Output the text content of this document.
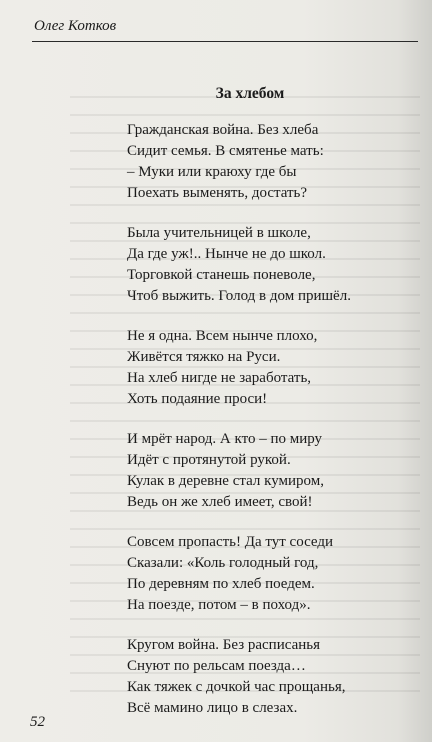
Олег Котков
За хлебом
Гражданская война. Без хлеба
Сидит семья. В смятенье мать:
– Муки или краюху где бы
Поехать выменять, достать?
Была учительницей в школе,
Да где уж!.. Нынче не до школ.
Торговкой станешь поневоле,
Чтоб выжить. Голод в дом пришёл.
Не я одна. Всем нынче плохо,
Живётся тяжко на Руси.
На хлеб нигде не заработать,
Хоть подаяние проси!
И мрёт народ. А кто – по миру
Идёт с протянутой рукой.
Кулак в деревне стал кумиром,
Ведь он же хлеб имеет, свой!
Совсем пропасть! Да тут соседи
Сказали: «Коль голодный год,
По деревням по хлеб поедем.
На поезде, потом – в поход».
Кругом война. Без расписанья
Снуют по рельсам поезда…
Как тяжек с дочкой час прощанья,
Всё мамино лицо в слезах.
52
